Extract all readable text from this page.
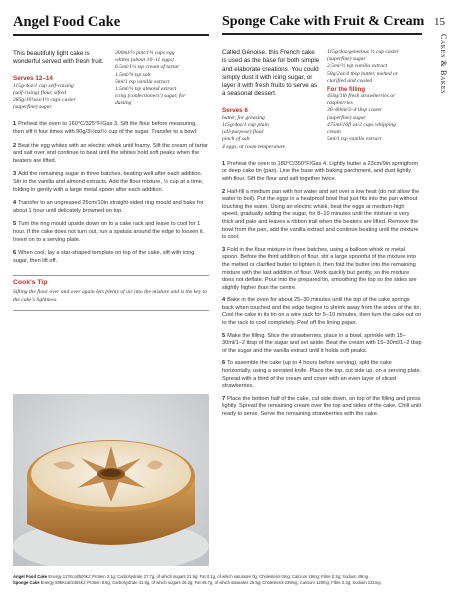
15
Cakes & Bakes
Angel Food Cake
This beautifully light cake is wonderful served with fresh fruit.
Serves 12–14
115g/4oz/1 cup self-raising
(self-rising) flour, sifted
285g/10¼oz/1½ cups caster
(superfine) sugar
300ml/½ pint/1¼ cups egg
whites (about 10–11 eggs)
6.5ml/1¼ tsp cream of tartar
1.5ml/¼ tsp salt
5ml/1 tsp vanilla extract
1.5ml/¼ tsp almond extract
icing (confectioners') sugar, for
dusting
1 Preheat the oven to 160°C/325°F/Gas 3. Sift the flour before measuring, then sift it four times with 90g/3½oz/½ cup of the sugar. Transfer to a bowl.
2 Beat the egg whites with an electric whisk until foamy. Sift the cream of tartar and salt over and continue to beat until the whites hold soft peaks when the beaters are lifted.
3 Add the remaining sugar in three batches, beating well after each addition. Stir in the vanilla and almond extracts. Add the flour mixture, ½ cup at a time, folding in gently with a large metal spoon after each addition.
4 Transfer to an ungreased 25cm/10in straight-sided ring mould and bake for about 1 hour until delicately browned on top.
5 Turn the ring mould upside down on to a cake rack and leave to cool for 1 hour. If the cake does not turn out, run a spatula around the edge to loosen it. Invert on to a serving plate.
6 When cool, lay a star-shaped template on top of the cake, sift with icing sugar, then lift off.
Cook's Tip
Sifting the flour over and over again lets plenty of air into the mixture and is the key to the cake's lightness.
Sponge Cake with Fruit & Cream
Called Génoise, this French cake is used as the base for both simple and elaborate creations. You could simply dust it with icing sugar, or layer it with fresh fruits to serve as a seasonal dessert.
Serves 6
butter, for greasing
115g/4oz/1 cup plain
(all-purpose) flour
pinch of salt
4 eggs, at room temperature
115g/4oz/generous ½ cup caster
(superfine) sugar
2.5ml/½ tsp vanilla extract
50g/2oz/4 tbsp butter, melted or
clarified and cooled
For the filling
450g/1lb fresh strawberries or
raspberries
30–60ml/2–4 tbsp caster
(superfine) sugar
475ml/16fl oz/2 cups whipping
cream
5ml/1 tsp vanilla extract
1 Preheat the oven to 180°C/350°F/Gas 4. Lightly butter a 23cm/9in springform or deep cake tin (pan). Line the base with baking parchment, and dust lightly with flour. Sift the flour and salt together twice.
2 Half-fill a medium pan with hot water and set over a low heat (do not allow the water to boil). Put the eggs in a heatproof bowl that just fits into the pan without touching the water. Using an electric whisk, beat the eggs at medium-high speed, gradually adding the sugar, for 8–10 minutes until the mixture is very thick and pale and leaves a ribbon trail when the beaters are lifted. Remove the bowl from the pan, add the vanilla extract and continue beating until the mixture is cool.
3 Fold in the flour mixture in three batches, using a balloon whisk or metal spoon. Before the third addition of flour, stir a large spoonful of the mixture into the melted or clarified butter to lighten it, then fold the butter into the remaining mixture with the last addition of flour. Work quickly but gently, so the mixture does not deflate. Pour into the prepared tin, smoothing the top so the sides are slightly higher than the centre.
4 Bake in the oven for about 25–30 minutes until the top of the cake springs back when touched and the edge begins to shrink away from the sides of the tin. Cool the cake in its tin on a wire rack for 5–10 minutes, then turn the cake out on to the rack to cool completely. Peel off the lining paper.
5 Make the filling. Slice the strawberries, place in a bowl, sprinkle with 15–30ml/1–2 tbsp of the sugar and set aside. Beat the cream with 15–30ml/1–2 tbsp of the sugar and the vanilla extract until it holds soft peaks.
6 To assemble the cake (up to 4 hours before serving), split the cake horizontally, using a serrated knife. Place the top, cut side up, on a serving plate. Spread with a third of the cream and cover with an even layer of sliced strawberries.
7 Place the bottom half of the cake, cut side down, on top of the filling and press lightly. Spread the remaining cream over the top and sides of the cake. Chill until ready to serve. Serve the remaining strawberries with the cake.
Angel Food Cake Energy 117Kcal/500kJ; Protein 3.1g; Carbohydrate 27.7g, of which sugars 21.9g; Fat 0.1g, of which saturates 0g; Cholesterol 0mg; Calcium 19mg; Fibre 0.3g; Sodium 49mg.
Sponge Cake Energy 595Kcal/2484kJ; Protein 8.8g; Carbohydrate 41.9g, of which sugars 26.2g; Fat 45.7g, of which saturates 25.5g; Cholesterol 239mg; Calcium 120mg; Fibre 2.3g; Sodium 121mg.
